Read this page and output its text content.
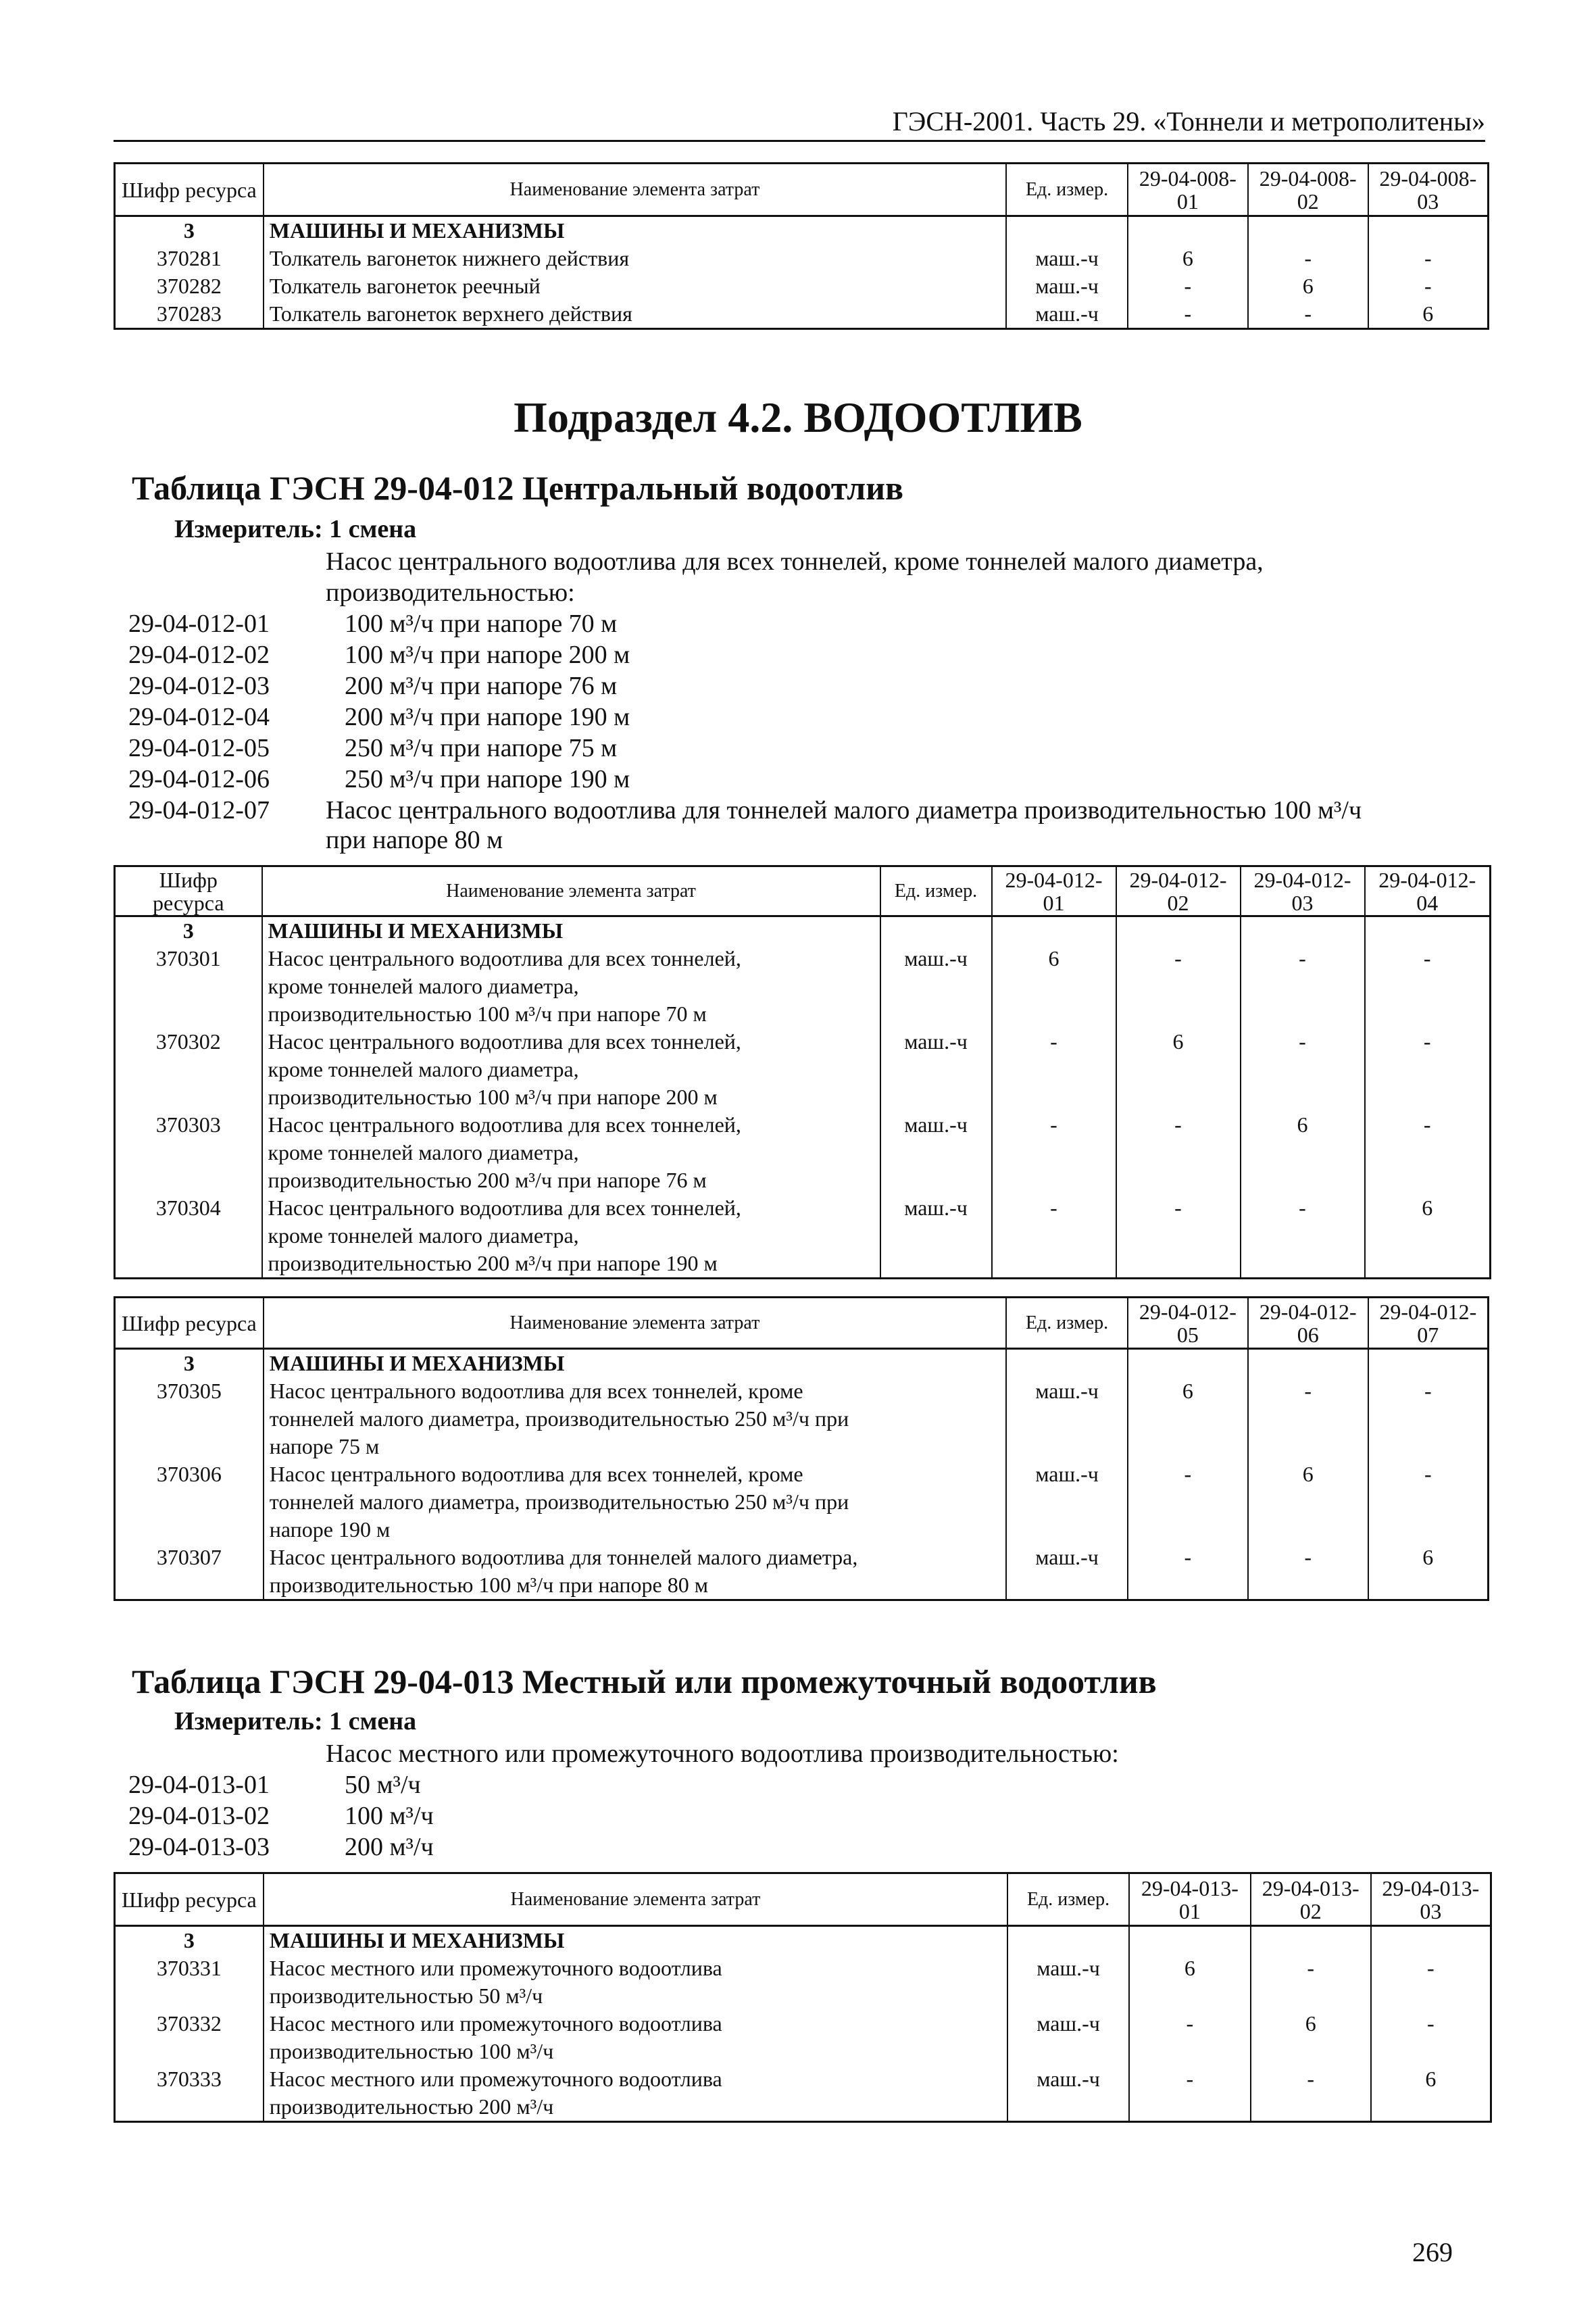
ГЭСН-2001. Часть 29. «Тоннели и метрополитены»
Шифр ресурса	Наименование элемента затрат	Ед. измер.	29-04-008-01	29-04-008-02	29-04-008-03
3	МАШИНЫ И МЕХАНИЗМЫ				
370281	Толкатель вагонеток нижнего действия	маш.-ч	6	-	-
370282	Толкатель вагонеток реечный	маш.-ч	-	6	-
370283	Толкатель вагонеток верхнего действия	маш.-ч	-	-	6
Подраздел 4.2. ВОДООТЛИВ
Таблица ГЭСН 29-04-012 Центральный водоотлив
Измеритель: 1 смена
Насос центрального водоотлива для всех тоннелей, кроме тоннелей малого диаметра,
производительностью:
29-04-012-01	100 м³/ч при напоре 70 м
29-04-012-02	100 м³/ч при напоре 200 м
29-04-012-03	200 м³/ч при напоре 76 м
29-04-012-04	200 м³/ч при напоре 190 м
29-04-012-05	250 м³/ч при напоре 75 м
29-04-012-06	250 м³/ч при напоре 190 м
29-04-012-07 Насос центрального водоотлива для тоннелей малого диаметра производительностью 100 м³/ч
при напоре 80 м
Шифр ресурса	Наименование элемента затрат	Ед. измер.	29-04-012-01	29-04-012-02	29-04-012-03	29-04-012-04
3	МАШИНЫ И МЕХАНИЗМЫ					
370301	Насос центрального водоотлива для всех тоннелей,
кроме тоннелей малого диаметра,
производительностью 100 м³/ч при напоре 70 м	маш.-ч	6	-	-	-
370302	Насос центрального водоотлива для всех тоннелей,
кроме тоннелей малого диаметра,
производительностью 100 м³/ч при напоре 200 м	маш.-ч	-	6	-	-
370303	Насос центрального водоотлива для всех тоннелей,
кроме тоннелей малого диаметра,
производительностью 200 м³/ч при напоре 76 м	маш.-ч	-	-	6	-
370304	Насос центрального водоотлива для всех тоннелей,
кроме тоннелей малого диаметра,
производительностью 200 м³/ч при напоре 190 м	маш.-ч	-	-	-	6
Шифр ресурса	Наименование элемента затрат	Ед. измер.	29-04-012-05	29-04-012-06	29-04-012-07
3	МАШИНЫ И МЕХАНИЗМЫ				
370305	Насос центрального водоотлива для всех тоннелей, кроме
тоннелей малого диаметра, производительностью 250 м³/ч при
напоре 75 м	маш.-ч	6	-	-
370306	Насос центрального водоотлива для всех тоннелей, кроме
тоннелей малого диаметра, производительностью 250 м³/ч при
напоре 190 м	маш.-ч	-	6	-
370307	Насос центрального водоотлива для тоннелей малого диаметра,
производительностью 100 м³/ч при напоре 80 м	маш.-ч	-	-	6
Таблица ГЭСН 29-04-013 Местный или промежуточный водоотлив
Измеритель: 1 смена
Насос местного или промежуточного водоотлива производительностью:
29-04-013-01	50 м³/ч
29-04-013-02	100 м³/ч
29-04-013-03	200 м³/ч
Шифр ресурса	Наименование элемента затрат	Ед. измер.	29-04-013-01	29-04-013-02	29-04-013-03
3	МАШИНЫ И МЕХАНИЗМЫ				
370331	Насос местного или промежуточного водоотлива
производительностью 50 м³/ч	маш.-ч	6	-	-
370332	Насос местного или промежуточного водоотлива
производительностью 100 м³/ч	маш.-ч	-	6	-
370333	Насос местного или промежуточного водоотлива
производительностью 200 м³/ч	маш.-ч	-	-	6
269
